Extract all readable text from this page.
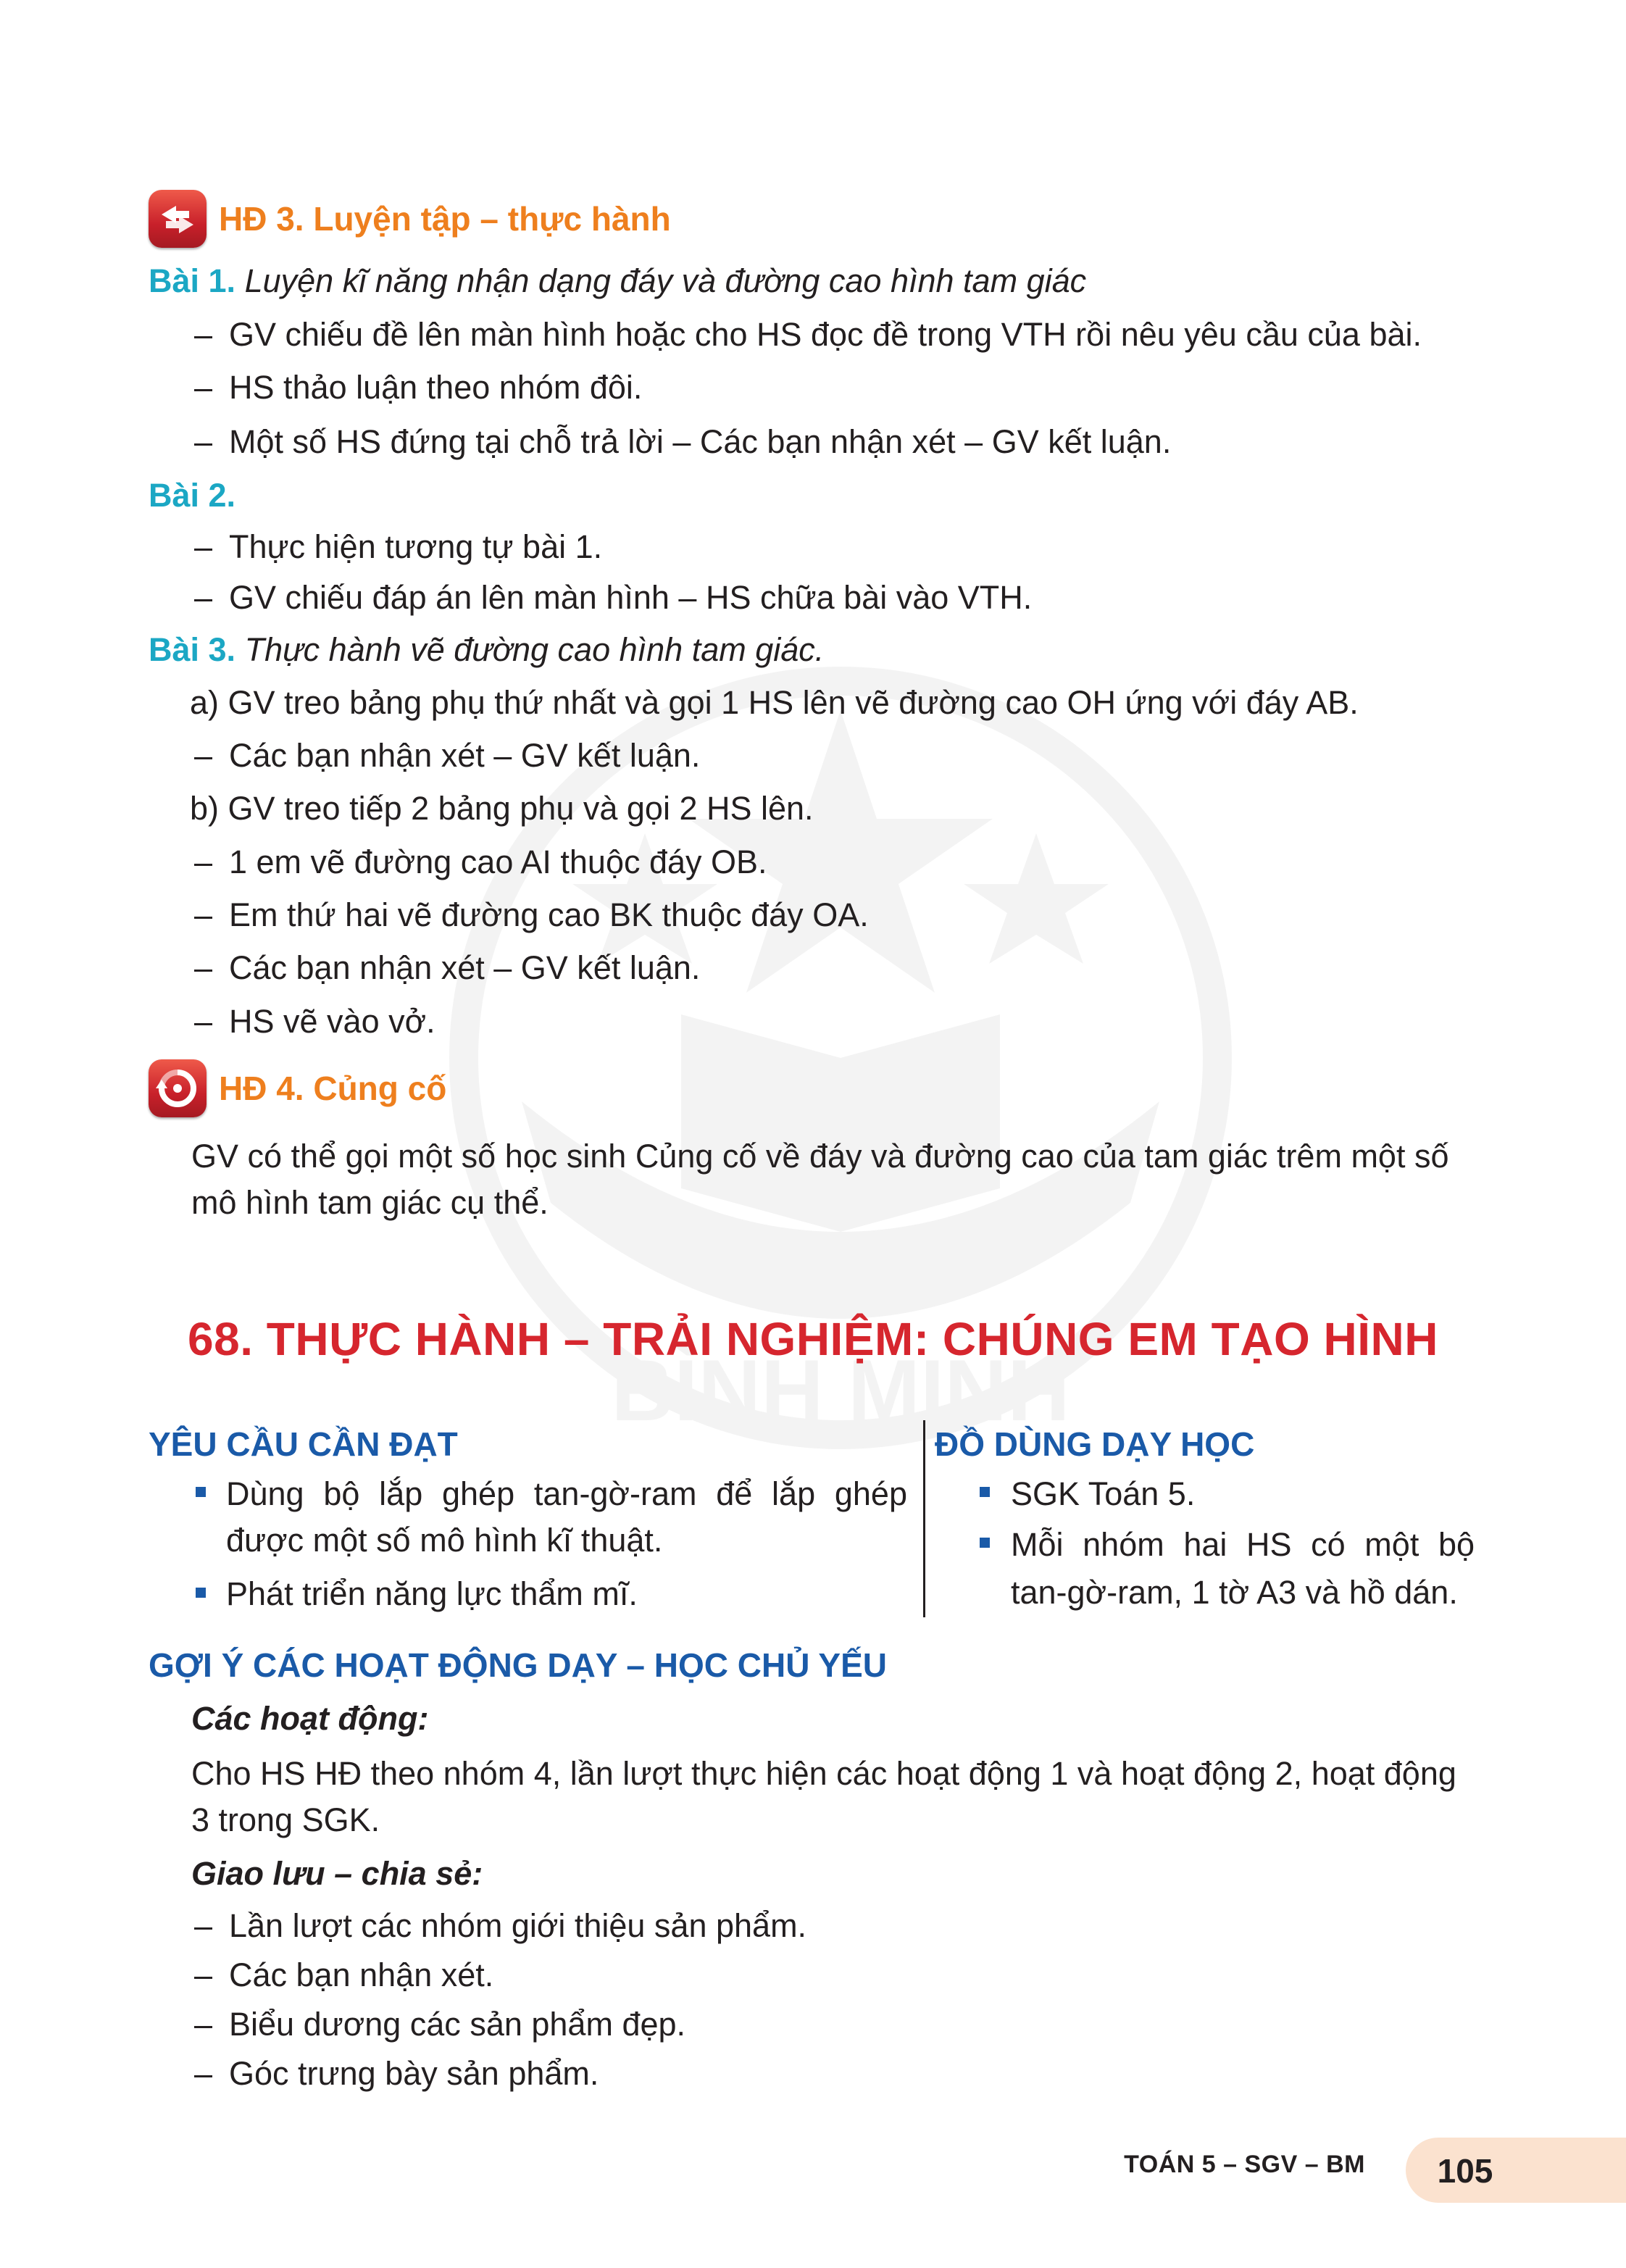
HĐ 3. Luyện tập – thực hành
Bài 1. Luyện kĩ năng nhận dạng đáy và đường cao hình tam giác
– GV chiếu đề lên màn hình hoặc cho HS đọc đề trong VTH rồi nêu yêu cầu của bài.
– HS thảo luận theo nhóm đôi.
– Một số HS đứng tại chỗ trả lời – Các bạn nhận xét – GV kết luận.
Bài 2.
– Thực hiện tương tự bài 1.
– GV chiếu đáp án lên màn hình – HS chữa bài vào VTH.
Bài 3. Thực hành vẽ đường cao hình tam giác.
a) GV treo bảng phụ thứ nhất và gọi 1 HS lên vẽ đường cao OH ứng với đáy AB.
– Các bạn nhận xét – GV kết luận.
b) GV treo tiếp 2 bảng phụ và gọi 2 HS lên.
– 1 em vẽ đường cao AI thuộc đáy OB.
– Em thứ hai vẽ đường cao BK thuộc đáy OA.
– Các bạn nhận xét – GV kết luận.
– HS vẽ vào vở.
HĐ 4. Củng cố
GV có thể gọi một số học sinh Củng cố về đáy và đường cao của tam giác trêm một số
mô hình tam giác cụ thể.
68. THỰC HÀNH – TRẢI NGHIỆM: CHÚNG EM TẠO HÌNH
YÊU CẦU CẦN ĐẠT
Dùng bộ lắp ghép tan-gờ-ram để lắp ghép
được một số mô hình kĩ thuật.
Phát triển năng lực thẩm mĩ.
ĐỒ DÙNG DẠY HỌC
SGK Toán 5.
Mỗi nhóm hai HS có một bộ
tan-gờ-ram, 1 tờ A3 và hồ dán.
GỢI Ý CÁC HOẠT ĐỘNG DẠY – HỌC CHỦ YẾU
Các hoạt động:
Cho HS HĐ theo nhóm 4, lần lượt thực hiện các hoạt động 1 và hoạt động 2, hoạt động
3 trong SGK.
Giao lưu – chia sẻ:
– Lần lượt các nhóm giới thiệu sản phẩm.
– Các bạn nhận xét.
– Biểu dương các sản phẩm đẹp.
– Góc trưng bày sản phẩm.
TOÁN 5 – SGV – BM	105
